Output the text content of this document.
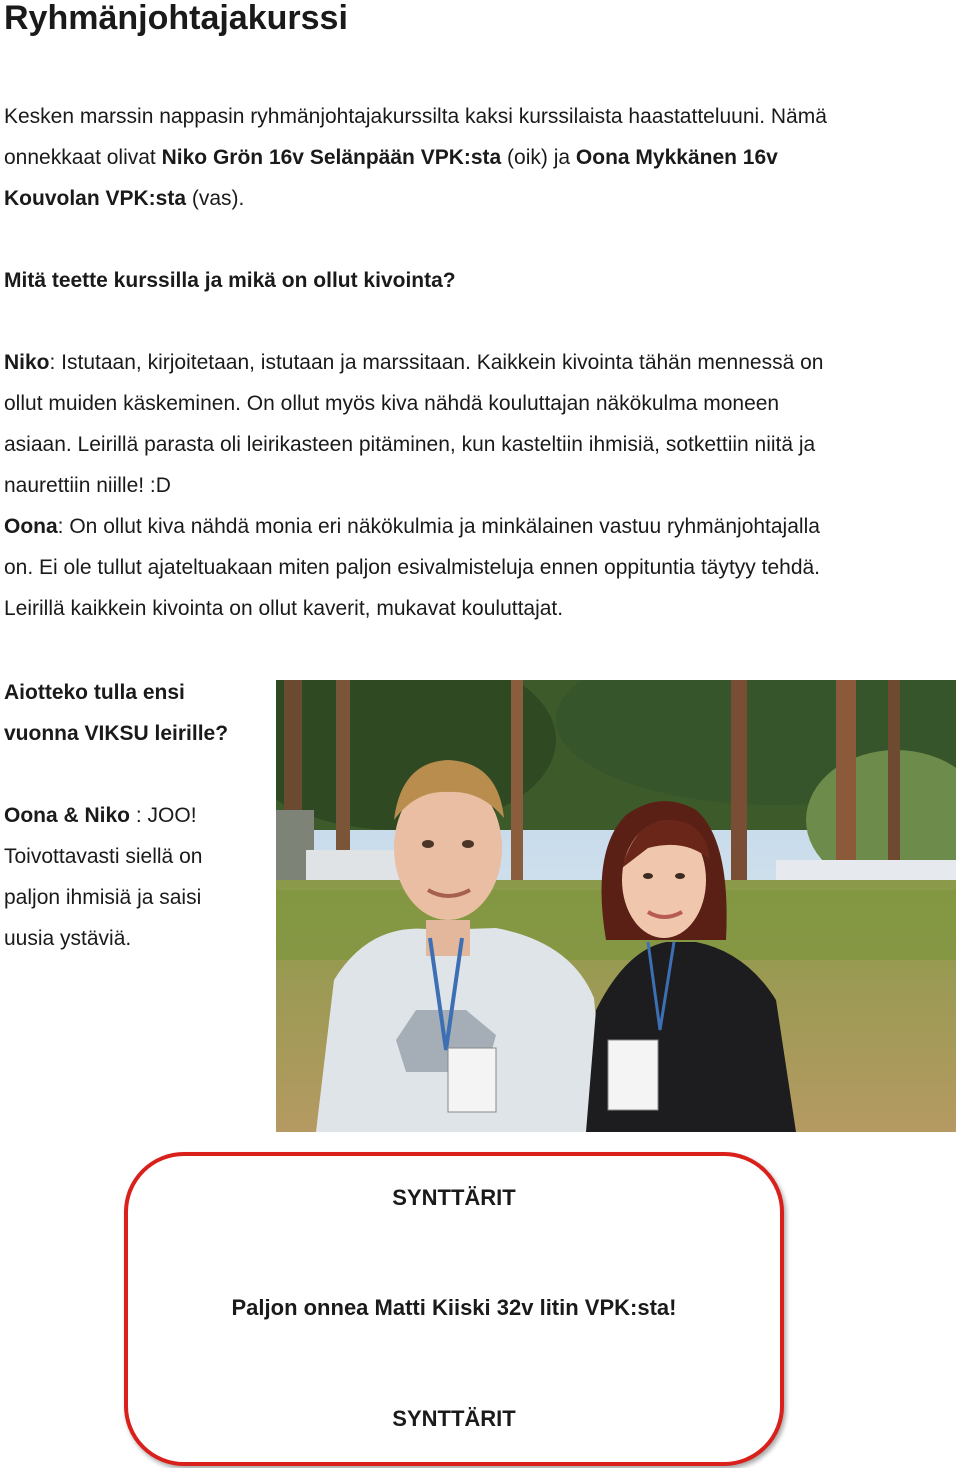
Ryhmänjohtajakurssi

Kesken marssin nappasin ryhmänjohtajakurssilta kaksi kurssilaista haastatteluuni. Nämä

onnekkaat olivat Niko Grön 16v Selänpään VPK:sta (oik) ja Oona Mykkänen 16v

Kouvolan VPK:sta (vas).

Mitä teette kurssilla ja mikä on ollut kivointa?

Niko: Istutaan, kirjoitetaan, istutaan ja marssitaan. Kaikkein kivointa tähän mennessä on

ollut muiden käskeminen. On ollut myös kiva nähdä kouluttajan näkökulma moneen

asiaan. Leirillä parasta oli leirikasteen pitäminen, kun kasteltiin ihmisiä, sotkettiin niitä ja

naurettiin niille! :D

Oona: On ollut kiva nähdä monia eri näkökulmia ja minkälainen vastuu ryhmänjohtajalla

on. Ei ole tullut ajateltuakaan miten paljon esivalmisteluja ennen oppituntia täytyy tehdä.

Leirillä kaikkein kivointa on ollut kaverit, mukavat kouluttajat.

Aiotteko tulla ensi

vuonna VIKSU leirille?

Oona & Niko : JOO!

Toivottavasti siellä on

paljon ihmisiä ja saisi

uusia ystäviä.

SYNTTÄRIT

Paljon onnea Matti Kiiski 32v litin VPK:sta!

SYNTTÄRIT
